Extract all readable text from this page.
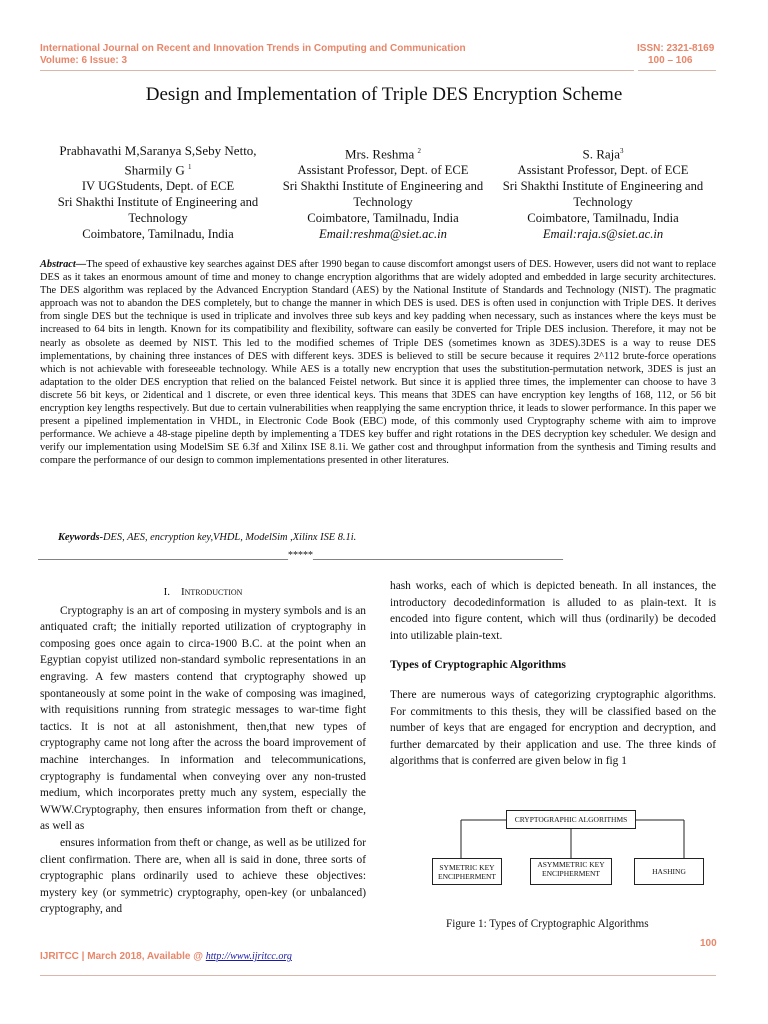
International Journal on Recent and Innovation Trends in Computing and Communication
Volume: 6 Issue: 3
ISSN: 2321-8169
100 – 106
Design and Implementation of Triple DES Encryption Scheme
Prabhavathi M,Saranya S,Seby Netto,
Sharmily G $^1$
IV UGStudents, Dept. of ECE
Sri Shakthi Institute of Engineering and
Technology
Coimbatore, Tamilnadu, India
Mrs. Reshma $^2$
Assistant Professor, Dept. of ECE
Sri Shakthi Institute of Engineering and
Technology
Coimbatore, Tamilnadu, India
Email:reshma@siet.ac.in
S. Raja$^3$
Assistant Professor, Dept. of ECE
Sri Shakthi Institute of Engineering and
Technology
Coimbatore, Tamilnadu, India
Email:raja.s@siet.ac.in
Abstract—The speed of exhaustive key searches against DES after 1990 began to cause discomfort amongst users of DES. However, users did not want to replace DES as it takes an enormous amount of time and money to change encryption algorithms that are widely adopted and embedded in large security architectures. The DES algorithm was replaced by the Advanced Encryption Standard (AES) by the National Institute of Standards and Technology (NIST). The pragmatic approach was not to abandon the DES completely, but to change the manner in which DES is used. DES is often used in conjunction with Triple DES. It derives from single DES but the technique is used in triplicate and involves three sub keys and key padding when necessary, such as instances where the keys must be increased to 64 bits in length. Known for its compatibility and flexibility, software can easily be converted for Triple DES inclusion. Therefore, it may not be nearly as obsolete as deemed by NIST. This led to the modified schemes of Triple DES (sometimes known as 3DES).3DES is a way to reuse DES implementations, by chaining three instances of DES with different keys. 3DES is believed to still be secure because it requires 2^112 brute-force operations which is not achievable with foreseeable technology. While AES is a totally new encryption that uses the substitution-permutation network, 3DES is just an adaptation to the older DES encryption that relied on the balanced Feistel network. But since it is applied three times, the implementer can choose to have 3 discrete 56 bit keys, or 2identical and 1 discrete, or even three identical keys. This means that 3DES can have encryption key lengths of 168, 112, or 56 bit encryption key lengths respectively. But due to certain vulnerabilities when reapplying the same encryption thrice, it leads to slower performance. In this paper we present a pipelined implementation in VHDL, in Electronic Code Book (EBC) mode, of this commonly used Cryptography scheme with aim to improve performance. We achieve a 48-stage pipeline depth by implementing a TDES key buffer and right rotations in the DES decryption key scheduler. We design and verify our implementation using ModelSim SE 6.3f and Xilinx ISE 8.1i. We gather cost and throughput information from the synthesis and Timing results and compare the performance of our design to common implementations presented in other literatures.
Keywords-DES, AES, encryption key,VHDL, ModelSim ,Xilinx ISE 8.1i.
__________________________________________________*****__________________________________________________
I. Introduction
Cryptography is an art of composing in mystery symbols and is an antiquated craft; the initially reported utilization of cryptography in composing goes once again to circa-1900 B.C. at the point when an Egyptian copyist utilized non-standard symbolic representations in an engraving. A few masters contend that cryptography showed up spontaneously at some point in the wake of composing was imagined, with requisitions running from strategic messages to war-time fight tactics. It is not at all astonishment, then,that new types of cryptography came not long after the across the board improvement of machine interchanges. In information and telecommunications, cryptography is fundamental when conveying over any non-trusted medium, which incorporates pretty much any system, especially the WWW.Cryptography, then ensures information from theft or change, as well as
ensures information from theft or change, as well as be utilized for client confirmation. There are, when all is said in done, three sorts of cryptographic plans ordinarily used to achieve these objectives: mystery key (or symmetric) cryptography, open-key (or unbalanced) cryptography, and
hash works, each of which is depicted beneath. In all instances, the introductory decodedinformation is alluded to as plain-text. It is encoded into figure content, which will thus (ordinarily) be decoded into utilizable plain-text.
Types of Cryptographic Algorithms
There are numerous ways of categorizing cryptographic algorithms. For commitments to this thesis, they will be classified based on the number of keys that are engaged for encryption and decryption, and further demarcated by their application and use. The three kinds of algorithms that is conferred are given below in fig 1
CRYPTOGRAPHIC ALGORITHMS
SYMETRIC KEY ENCIPHERMENT
ASYMMETRIC KEY ENCIPHERMENT	HASHING
Figure 1: Types of Cryptographic Algorithms
100
IJRITCC | March 2018, Available @ http://www.ijritcc.org
